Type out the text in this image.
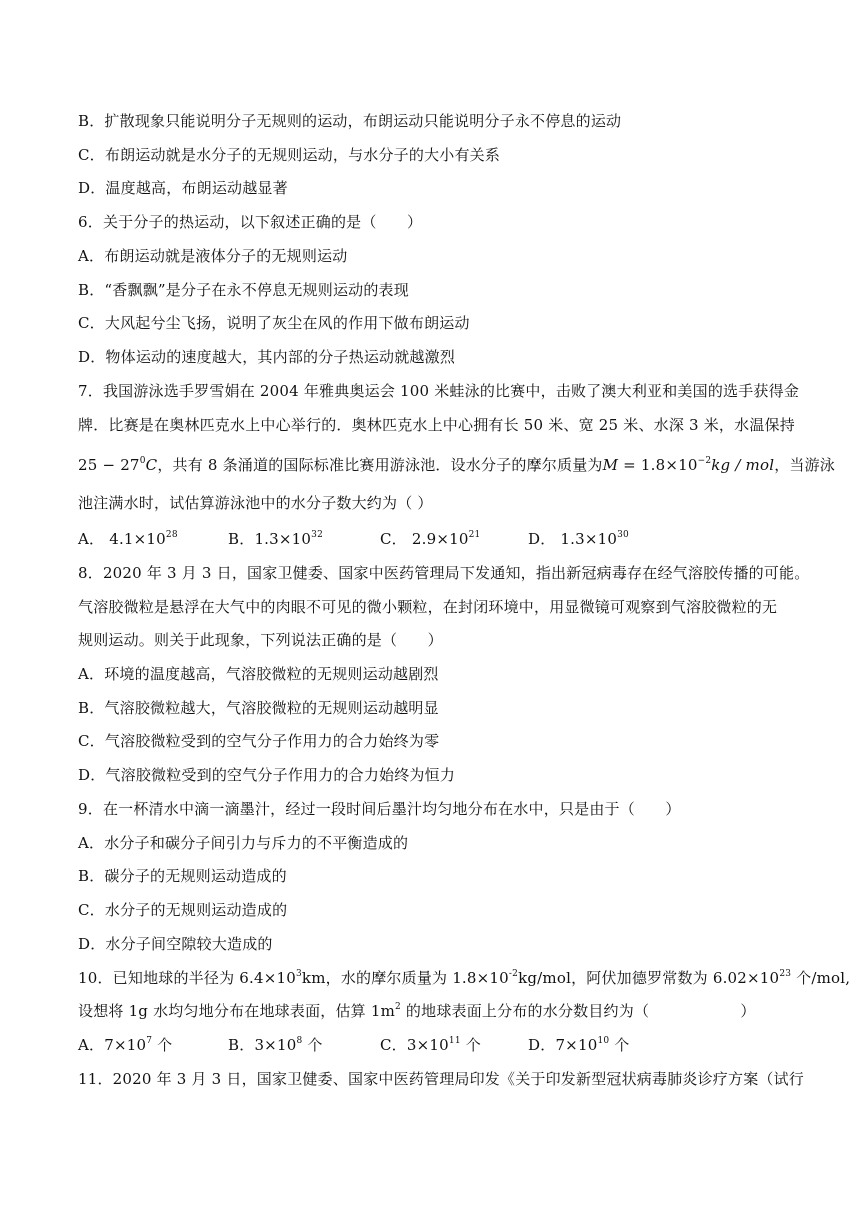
B．扩散现象只能说明分子无规则的运动，布朗运动只能说明分子永不停息的运动
C．布朗运动就是水分子的无规则运动，与水分子的大小有关系
D．温度越高，布朗运动越显著
6．关于分子的热运动，以下叙述正确的是（　　）
A．布朗运动就是液体分子的无规则运动
B．“香飘飘”是分子在永不停息无规则运动的表现
C．大风起兮尘飞扬，说明了灰尘在风的作用下做布朗运动
D．物体运动的速度越大，其内部的分子热运动就越激烈
7．我国游泳选手罗雪娟在 2004 年雅典奥运会 100 米蛙泳的比赛中，击败了澳大利亚和美国的选手获得金
牌．比赛是在奥林匹克水上中心举行的．奥林匹克水上中心拥有长 50 米、宽 25 米、水深 3 米，水温保持
$25 - 27^0C$，共有 8 条涌道的国际标准比赛用游泳池．设水分子的摩尔质量为$M = 1.8\times 10^{-2}kg$ / mol，当游泳
池注满水时，试估算游泳池中的水分子数大约为（ ）
A． $4.1\times 10^{28}$	B．$1.3\times 10^{32}$	C． $2.9\times 10^{21}$	D． $1.3\times 10^{30}$
8．2020 年 3 月 3 日，国家卫健委、国家中医药管理局下发通知，指出新冠病毒存在经气溶胶传播的可能。
气溶胶微粒是悬浮在大气中的肉眼不可见的微小颗粒，在封闭环境中，用显微镜可观察到气溶胶微粒的无
规则运动。则关于此现象，下列说法正确的是（　　）
A．环境的温度越高，气溶胶微粒的无规则运动越剧烈
B．气溶胶微粒越大，气溶胶微粒的无规则运动越明显
C．气溶胶微粒受到的空气分子作用力的合力始终为零
D．气溶胶微粒受到的空气分子作用力的合力始终为恒力
9．在一杯清水中滴一滴墨汁，经过一段时间后墨汁均匀地分布在水中，只是由于（　　）
A．水分子和碳分子间引力与斥力的不平衡造成的
B．碳分子的无规则运动造成的
C．水分子的无规则运动造成的
D．水分子间空隙较大造成的
10．已知地球的半径为 $6.4\times 10^3km$，水的摩尔质量为 $1.8\times 10^{-2}kg$/mol，阿伏加德罗常数为 $6.02\times 10^{23}$ 个/mol,
设想将 1g 水均匀地分布在地球表面，估算 $1m^2$ 的地球表面上分布的水分数目约为（　　　　　　）
A．$7\times 10^7$ 个	B．$3\times 10^8$ 个	C．$3\times 10^{11}$ 个	D．$7\times 10^{10}$ 个
11．2020 年 3 月 3 日，国家卫健委、国家中医药管理局印发《关于印发新型冠状病毒肺炎诊疗方案（试行
